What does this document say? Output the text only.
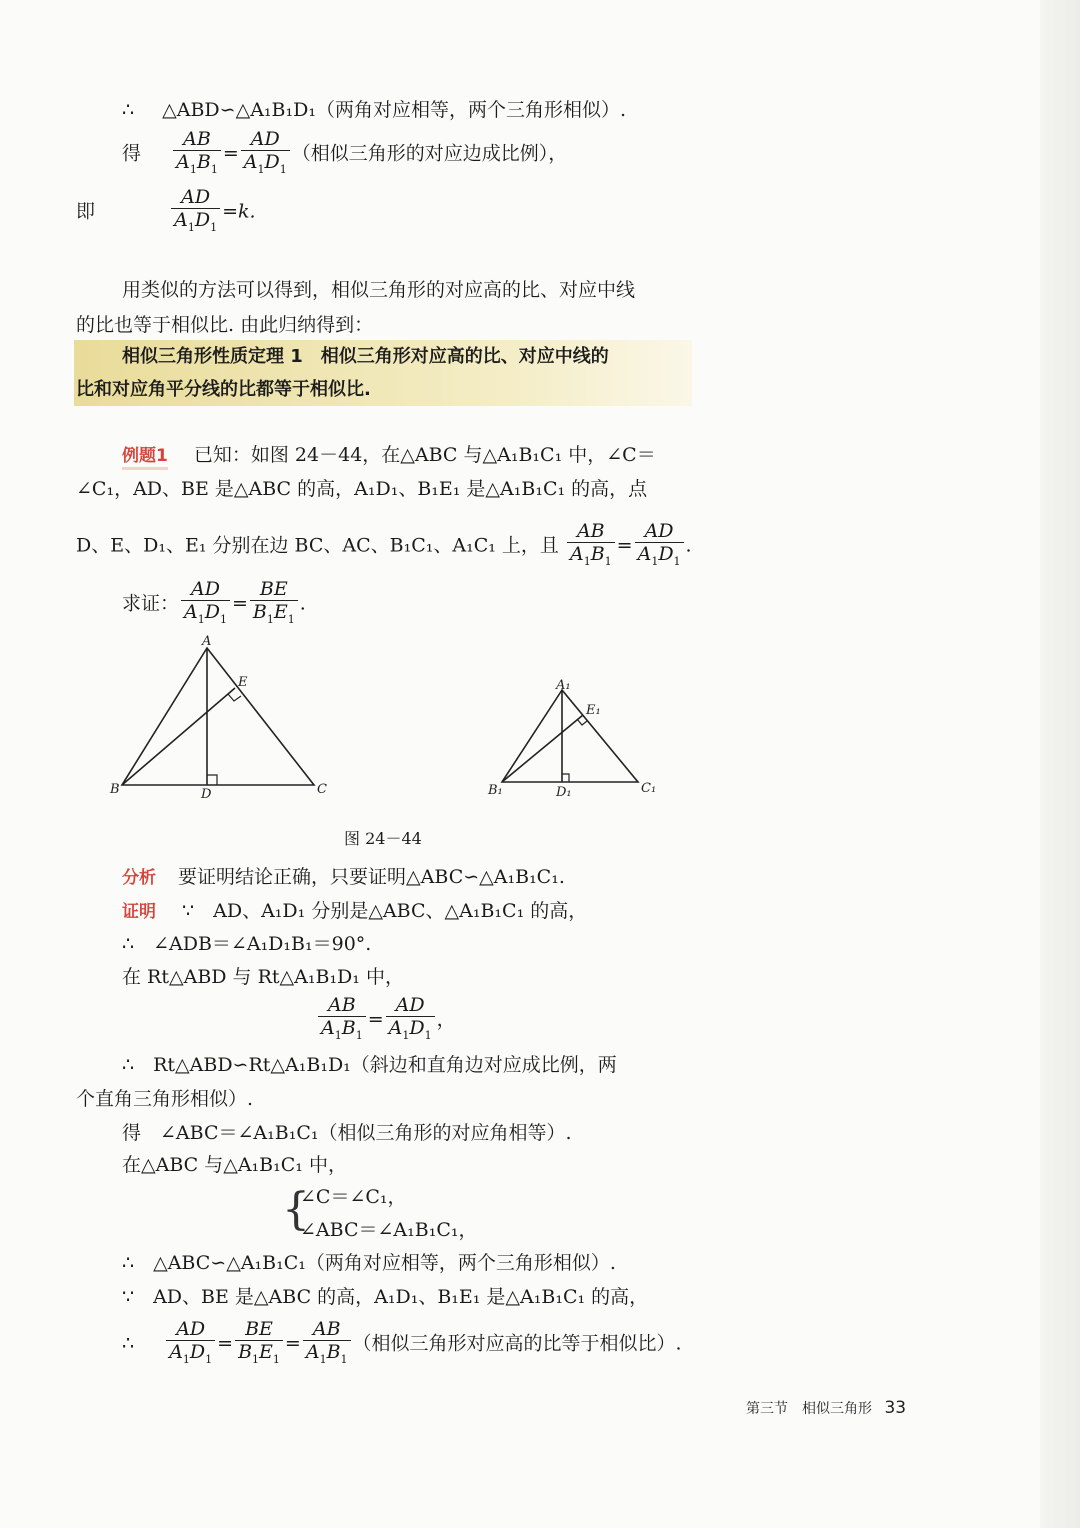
∴ △ABD∽△A₁B₁D₁（两角对应相等，两个三角形相似）.
得 $\frac{AB}{A_1B_1} = \frac{AD}{A_1D_1}$ （相似三角形的对应边成比例），
即	$\frac{AD}{A_1D_1} =k$.
用类似的方法可以得到，相似三角形的对应高的比、对应中线
的比也等于相似比. 由此归纳得到：
相似三角形性质定理 1　相似三角形对应高的比、对应中线的
比和对应角平分线的比都等于相似比.
例题1 已知：如图 24－44，在△ABC 与△A₁B₁C₁ 中，∠C＝
∠C₁，AD、BE 是△ABC 的高，A₁D₁、B₁E₁ 是△A₁B₁C₁ 的高，点
D、E、D₁、E₁ 分别在边 BC、AC、B₁C₁、A₁C₁ 上，且 $\frac{AB}{A_1B_1} = \frac{AD}{A_1D_1}$ .
求证： $\frac{AD}{A_1D_1} = \frac{BE}{B_1E_1}$ .
A
E
B	D	C
A₁
E₁
B₁	D₁	C₁
图 24－44
分析 要证明结论正确，只要证明△ABC∽△A₁B₁C₁.
证明 ∵　AD、A₁D₁ 分别是△ABC、△A₁B₁C₁ 的高，
∴　∠ADB＝∠A₁D₁B₁＝90°.
在 Rt△ABD 与 Rt△A₁B₁D₁ 中，
$\frac{AB}{A_1B_1} = \frac{AD}{A_1D_1}$ ，
∴　Rt△ABD∽Rt△A₁B₁D₁（斜边和直角边对应成比例，两
个直角三角形相似）.
得　∠ABC＝∠A₁B₁C₁（相似三角形的对应角相等）.
在△ABC 与△A₁B₁C₁ 中，
{
∠C＝∠C₁，
∠ABC＝∠A₁B₁C₁，
∴　△ABC∽△A₁B₁C₁（两角对应相等，两个三角形相似）.
∵　AD、BE 是△ABC 的高，A₁D₁、B₁E₁ 是△A₁B₁C₁ 的高，
∴ $\frac{AD}{A_1D_1} = \frac{BE}{B_1E_1} = \frac{AB}{A_1B_1}$ （相似三角形对应高的比等于相似比）.
第三节　相似三角形 33
